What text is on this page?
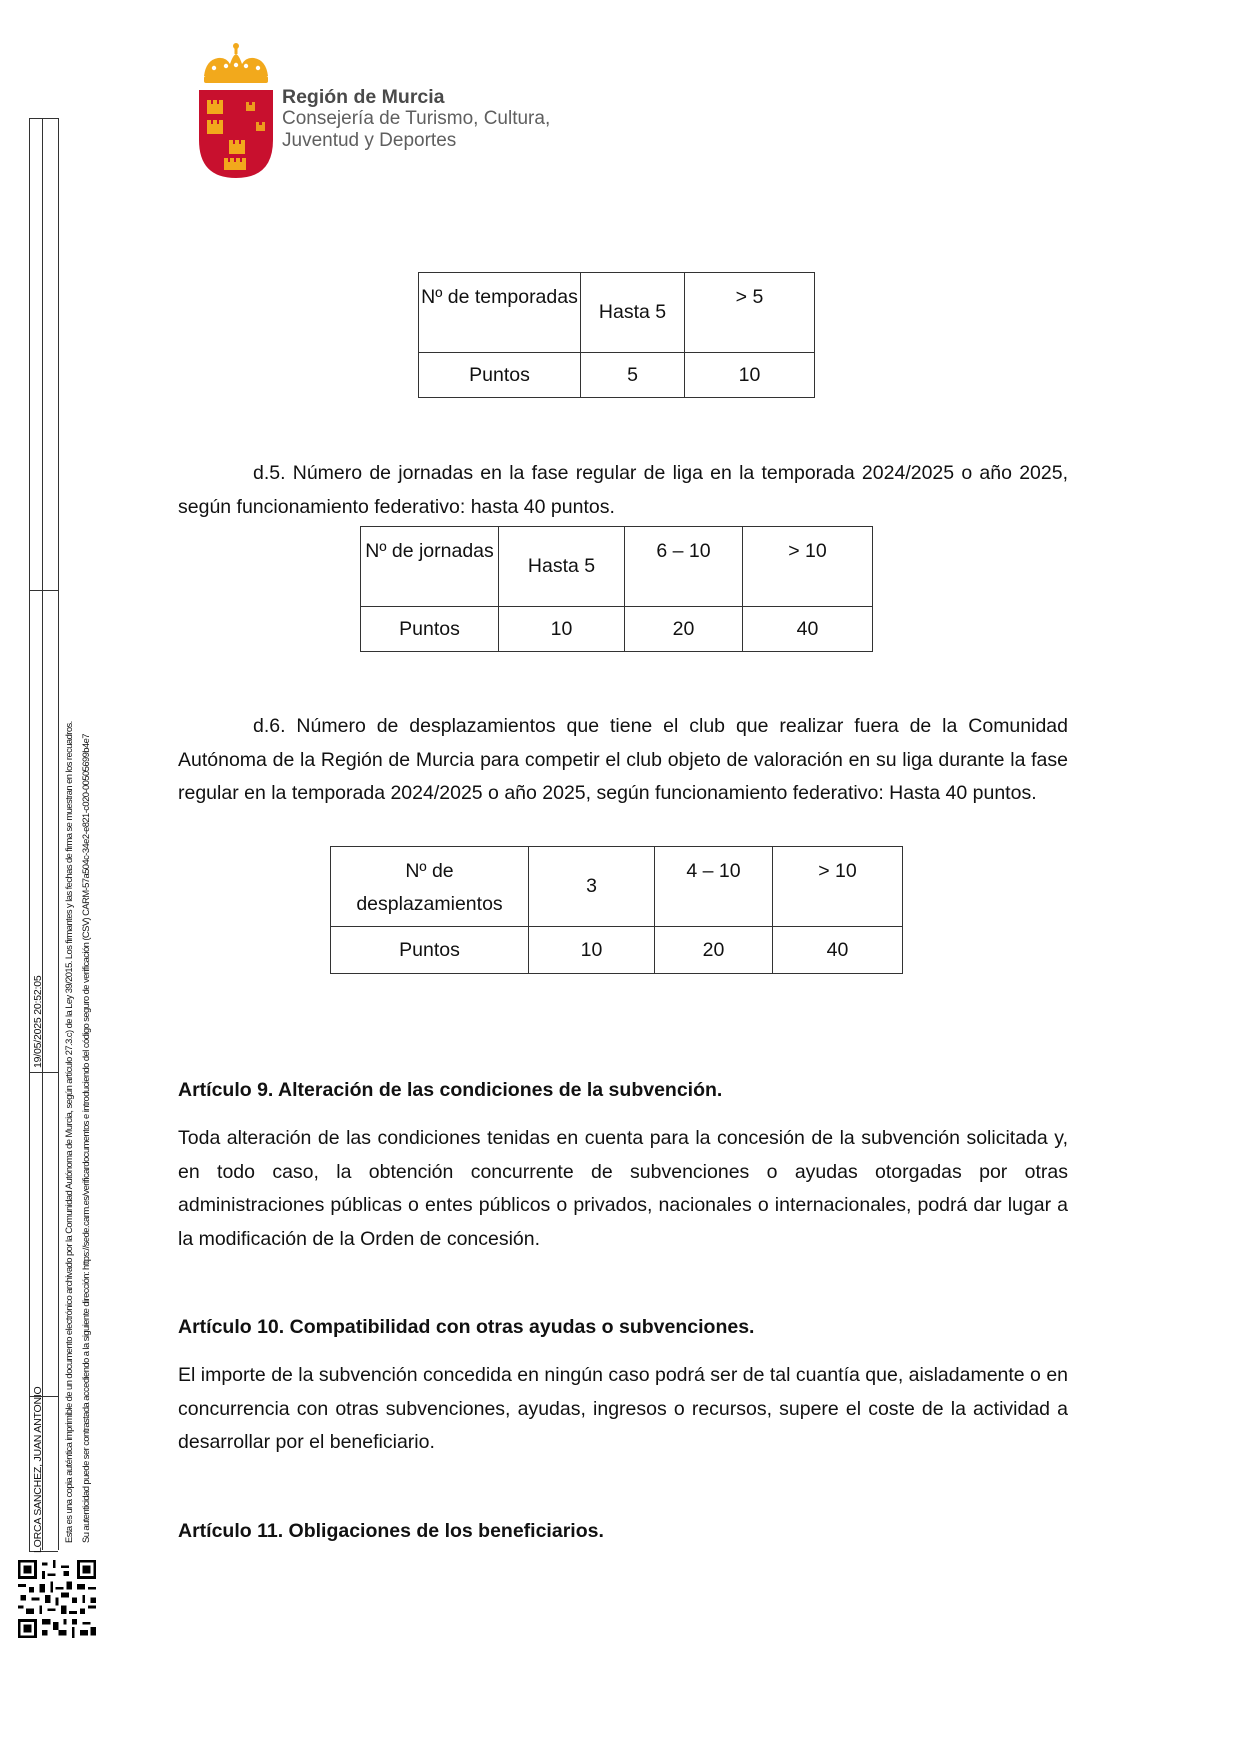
Región de Murcia
Consejería de Turismo, Cultura,
Juventud y Deportes
LORCA SANCHEZ, JUAN ANTONIO
19/05/2025 20:52:05 Esta es una copia auténtica imprimible de un documento electrónico archivado por la Comunidad Autónoma de Murcia, según artículo 27.3.c) de la Ley 39/2015. Los firmantes y las fechas de firma se muestran en los recuadros. Su autenticidad puede ser contrastada accediendo a la siguiente dirección: https://sede.carm.es/verificardocumentos e introduciendo del código seguro de verificación (CSV) CARM-57a504c-34e2-e821-c020-00505699b4e7
Nº de temporadas	Hasta 5	> 5
Puntos	5	10
d.5. Número de jornadas en la fase regular de liga en la temporada 2024/2025 o año 2025, según funcionamiento federativo: hasta 40 puntos.
Nº de jornadas	Hasta 5	6 – 10	> 10
Puntos	10	20	40
d.6. Número de desplazamientos que tiene el club que realizar fuera de la Comunidad Autónoma de la Región de Murcia para competir el club objeto de valoración en su liga durante la fase regular en la temporada 2024/2025 o año 2025, según funcionamiento federativo: Hasta 40 puntos.
Nº de desplazamientos	3	4 – 10	> 10
Puntos	10	20	40
Artículo 9. Alteración de las condiciones de la subvención.
Toda alteración de las condiciones tenidas en cuenta para la concesión de la subvención solicitada y, en todo caso, la obtención concurrente de subvenciones o ayudas otorgadas por otras administraciones públicas o entes públicos o privados, nacionales o internacionales, podrá dar lugar a la modificación de la Orden de concesión.
Artículo 10. Compatibilidad con otras ayudas o subvenciones.
El importe de la subvención concedida en ningún caso podrá ser de tal cuantía que, aisladamente o en concurrencia con otras subvenciones, ayudas, ingresos o recursos, supere el coste de la actividad a desarrollar por el beneficiario.
Artículo 11. Obligaciones de los beneficiarios.
